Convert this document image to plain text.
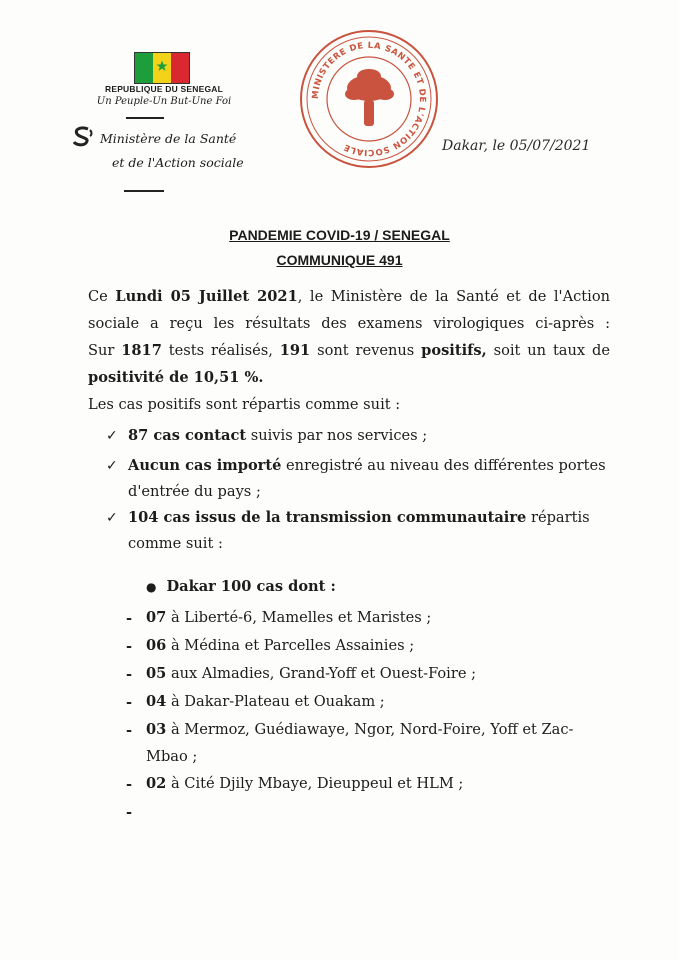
REPUBLIQUE DU SENEGAL
Un Peuple-Un But-Une Foi
Ministère de la Santé
et de l'Action sociale
MINISTERE DE LA SANTE ET DE L'ACTION SOCIALE	Dakar, le 05/07/2021
PANDEMIE COVID-19 / SENEGAL
COMMUNIQUE 491
Ce Lundi 05 Juillet 2021, le Ministère de la Santé et de l'Action
sociale a reçu les résultats des examens virologiques ci-après :
Sur 1817 tests réalisés, 191 sont revenus positifs, soit un taux de
positivité de 10,51 %.
Les cas positifs sont répartis comme suit :
✓ 87 cas contact suivis par nos services ;
✓ Aucun cas importé enregistré au niveau des différentes portes
d'entrée du pays ;
✓ 104 cas issus de la transmission communautaire répartis
comme suit :
● Dakar 100 cas dont :
- 07 à Liberté-6, Mamelles et Maristes ;
- 06 à Médina et Parcelles Assainies ;
- 05 aux Almadies, Grand-Yoff et Ouest-Foire ;
- 04 à Dakar-Plateau et Ouakam ;
- 03 à Mermoz, Guédiawaye, Ngor, Nord-Foire, Yoff et Zac-
Mbao ;
- 02 à Cité Djily Mbaye, Dieuppeul et HLM ;
-
